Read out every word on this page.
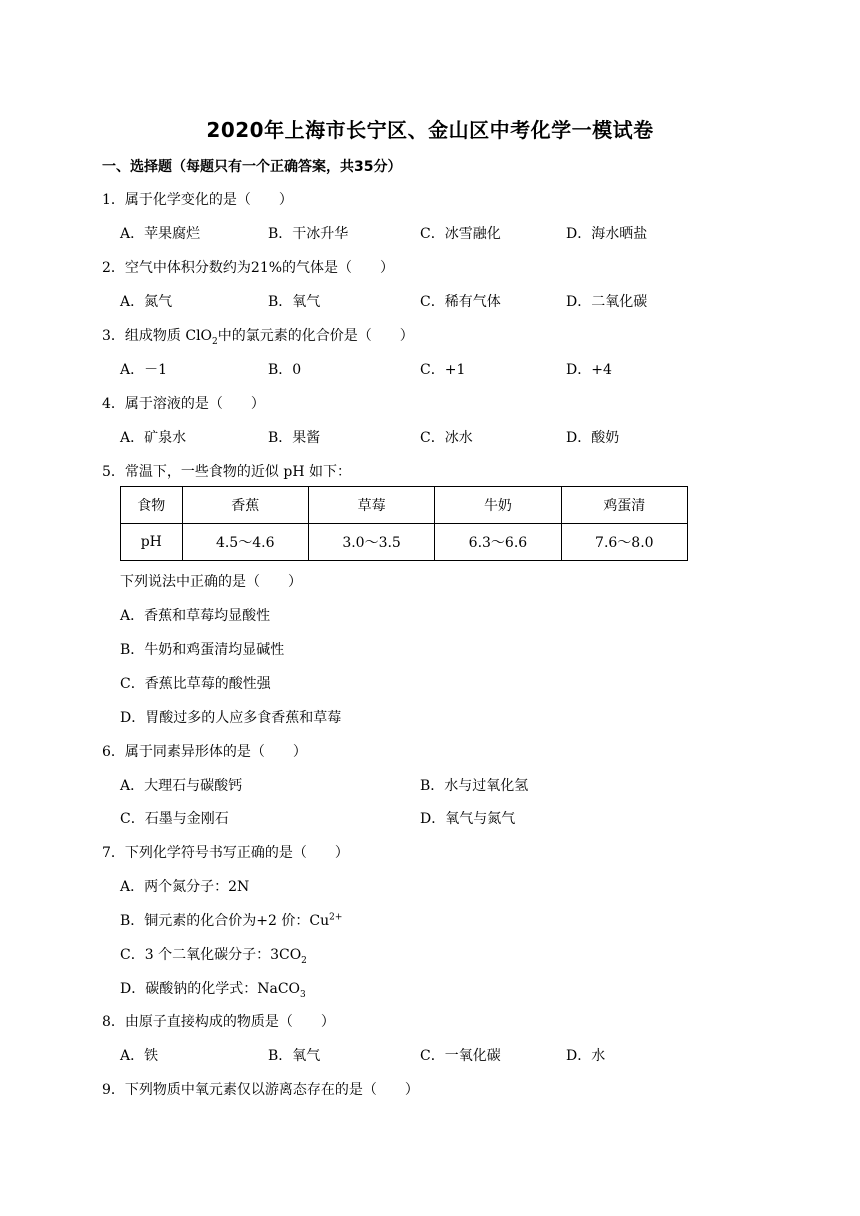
2020年上海市长宁区、金山区中考化学一模试卷
一、选择题（每题只有一个正确答案，共35分）
1．属于化学变化的是（　　）
A．苹果腐烂	B．干冰升华	C．冰雪融化	D．海水晒盐
2．空气中体积分数约为21%的气体是（　　）
A．氮气	B．氧气	C．稀有气体	D．二氧化碳
3．组成物质 ClO$_2$中的氯元素的化合价是（　　）
A．－1	B．0	C．+1	D．+4
4．属于溶液的是（　　）
A．矿泉水	B．果酱	C．冰水	D．酸奶
5．常温下，一些食物的近似 pH 如下：
食物	香蕉	草莓	牛奶	鸡蛋清
pH	4.5～4.6	3.0～3.5	6.3～6.6	7.6～8.0
下列说法中正确的是（　　）
A．香蕉和草莓均显酸性
B．牛奶和鸡蛋清均显碱性
C．香蕉比草莓的酸性强
D．胃酸过多的人应多食香蕉和草莓
6．属于同素异形体的是（　　）
A．大理石与碳酸钙	B．水与过氧化氢
C．石墨与金刚石	D．氧气与氮气
7．下列化学符号书写正确的是（　　）
A．两个氮分子：2N
B．铜元素的化合价为+2 价：$Cu^{2+}$
C．3 个二氧化碳分子：$3CO_2$
D．碳酸钠的化学式：NaCO$_3$
8．由原子直接构成的物质是（　　）
A．铁	B．氧气	C．一氧化碳	D．水
9．下列物质中氧元素仅以游离态存在的是（　　）
